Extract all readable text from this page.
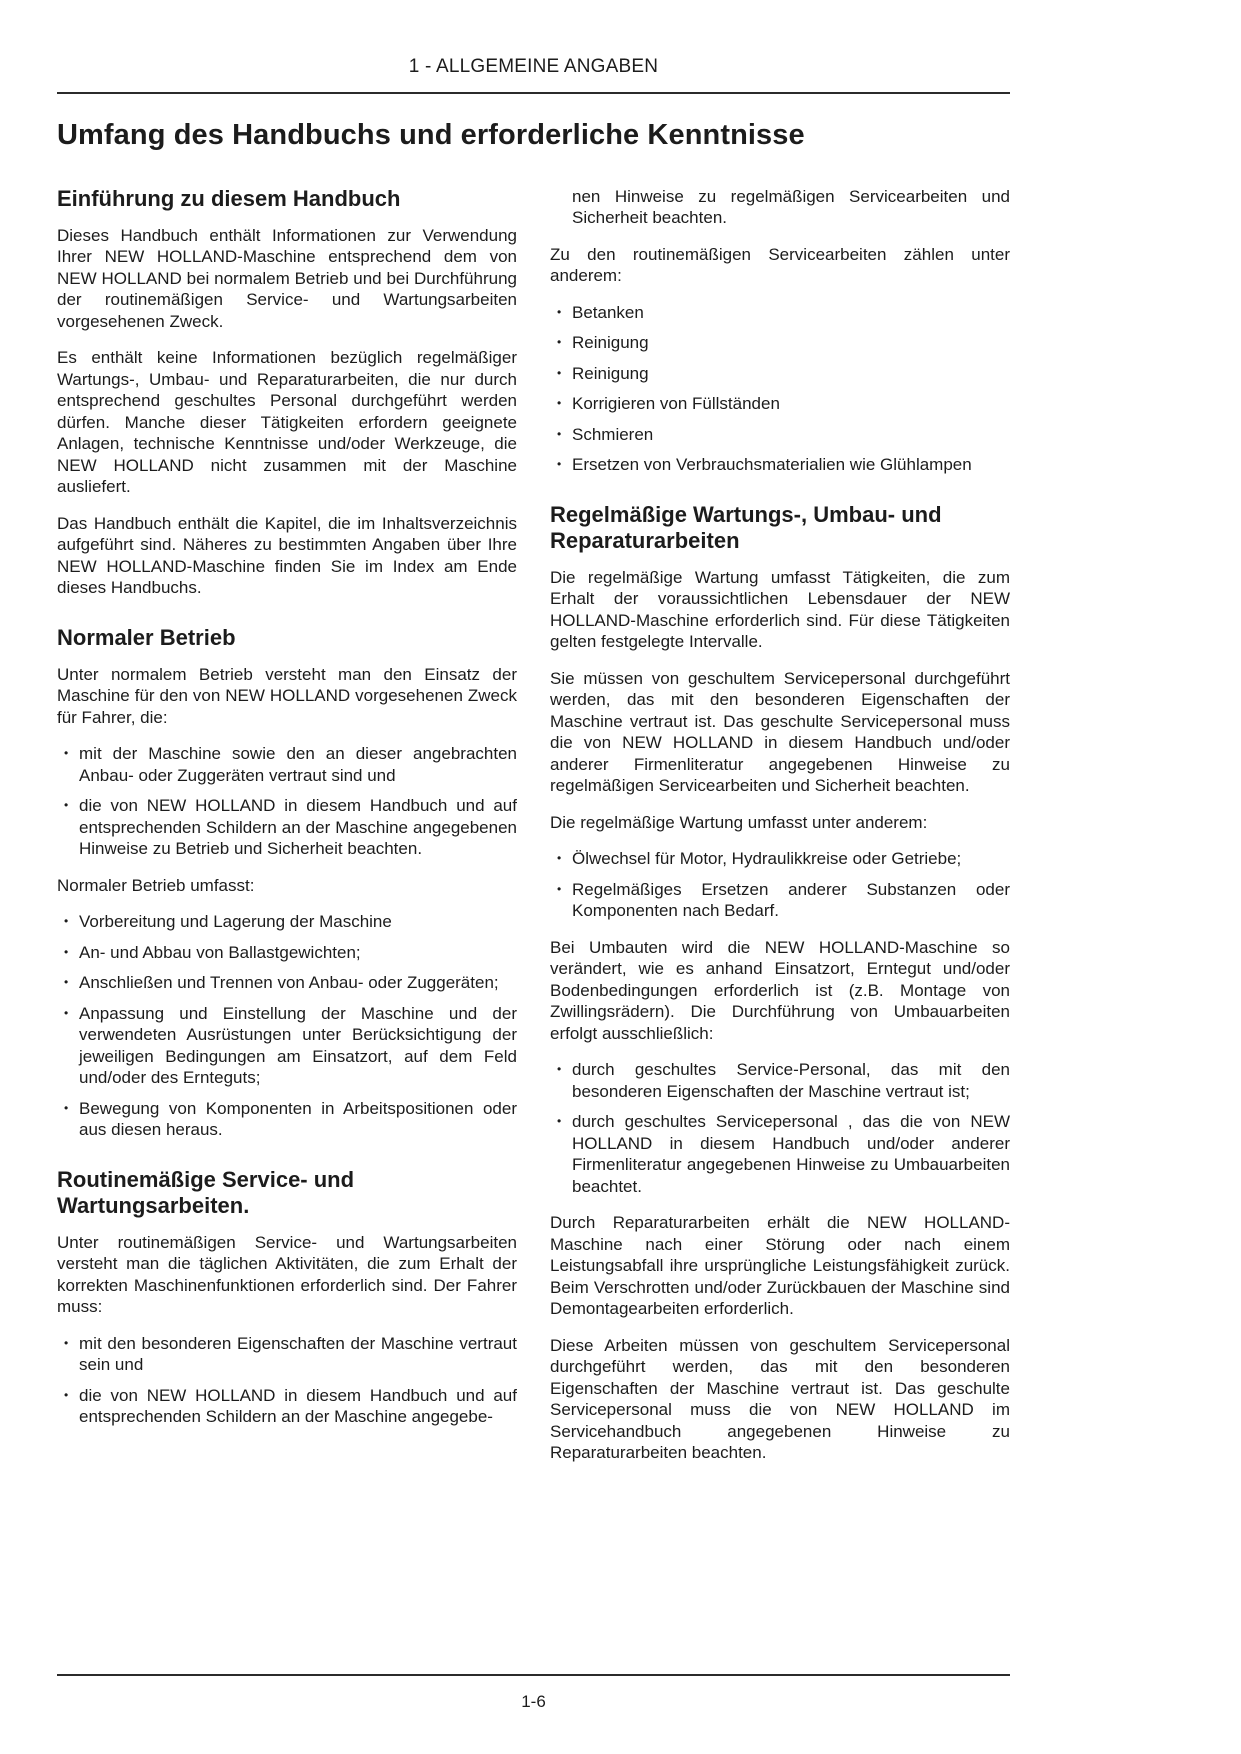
1 - ALLGEMEINE ANGABEN
Umfang des Handbuchs und erforderliche Kenntnisse
Einführung zu diesem Handbuch

Dieses Handbuch enthält Informationen zur Verwendung Ihrer NEW HOLLAND-Maschine entsprechend dem von NEW HOLLAND bei normalem Betrieb und bei Durchführung der routinemäßigen Service- und Wartungsarbeiten vorgesehenen Zweck.

Es enthält keine Informationen bezüglich regelmäßiger Wartungs-, Umbau- und Reparaturarbeiten, die nur durch entsprechend geschultes Personal durchgeführt werden dürfen. Manche dieser Tätigkeiten erfordern geeignete Anlagen, technische Kenntnisse und/oder Werkzeuge, die NEW HOLLAND nicht zusammen mit der Maschine ausliefert.

Das Handbuch enthält die Kapitel, die im Inhaltsverzeichnis aufgeführt sind. Näheres zu bestimmten Angaben über Ihre NEW HOLLAND-Maschine finden Sie im Index am Ende dieses Handbuchs.

Normaler Betrieb

Unter normalem Betrieb versteht man den Einsatz der Maschine für den von NEW HOLLAND vorgesehenen Zweck für Fahrer, die:

• mit der Maschine sowie den an dieser angebrachten Anbau- oder Zuggeräten vertraut sind und
• die von NEW HOLLAND in diesem Handbuch und auf entsprechenden Schildern an der Maschine angegebenen Hinweise zu Betrieb und Sicherheit beachten.

Normaler Betrieb umfasst:

• Vorbereitung und Lagerung der Maschine
• An- und Abbau von Ballastgewichten;
• Anschließen und Trennen von Anbau- oder Zuggeräten;
• Anpassung und Einstellung der Maschine und der verwendeten Ausrüstungen unter Berücksichtigung der jeweiligen Bedingungen am Einsatzort, auf dem Feld und/oder des Ernteguts;
• Bewegung von Komponenten in Arbeitspositionen oder aus diesen heraus.
Routinemäßige Service- und Wartungsarbeiten.

Unter routinemäßigen Service- und Wartungsarbeiten versteht man die täglichen Aktivitäten, die zum Erhalt der korrekten Maschinenfunktionen erforderlich sind. Der Fahrer muss:

• mit den besonderen Eigenschaften der Maschine vertraut sein und
• die von NEW HOLLAND in diesem Handbuch und auf entsprechenden Schildern an der Maschine angegebe-

nen Hinweise zu regelmäßigen Servicearbeiten und Sicherheit beachten.

Zu den routinemäßigen Servicearbeiten zählen unter anderem:

• Betanken
• Reinigung
• Reinigung
• Korrigieren von Füllständen
• Schmieren
• Ersetzen von Verbrauchsmaterialien wie Glühlampen
Regelmäßige Wartungs-, Umbau- und Reparaturarbeiten

Die regelmäßige Wartung umfasst Tätigkeiten, die zum Erhalt der voraussichtlichen Lebensdauer der NEW HOLLAND-Maschine erforderlich sind. Für diese Tätigkeiten gelten festgelegte Intervalle.

Sie müssen von geschultem Servicepersonal durchgeführt werden, das mit den besonderen Eigenschaften der Maschine vertraut ist. Das geschulte Servicepersonal muss die von NEW HOLLAND in diesem Handbuch und/oder anderer Firmenliteratur angegebenen Hinweise zu regelmäßigen Servicearbeiten und Sicherheit beachten.

Die regelmäßige Wartung umfasst unter anderem:

• Ölwechsel für Motor, Hydraulikkreise oder Getriebe;
• Regelmäßiges Ersetzen anderer Substanzen oder Komponenten nach Bedarf.

Bei Umbauten wird die NEW HOLLAND-Maschine so verändert, wie es anhand Einsatzort, Erntegut und/oder Bodenbedingungen erforderlich ist (z.B. Montage von Zwillingsrädern). Die Durchführung von Umbauarbeiten erfolgt ausschließlich:

• durch geschultes Service-Personal, das mit den besonderen Eigenschaften der Maschine vertraut ist;
• durch geschultes Servicepersonal , das die von NEW HOLLAND in diesem Handbuch und/oder anderer Firmenliteratur angegebenen Hinweise zu Umbauarbeiten beachtet.

Durch Reparaturarbeiten erhält die NEW HOLLAND-Maschine nach einer Störung oder nach einem Leistungsabfall ihre ursprüngliche Leistungsfähigkeit zurück. Beim Verschrotten und/oder Zurückbauen der Maschine sind Demontagearbeiten erforderlich.

Diese Arbeiten müssen von geschultem Servicepersonal durchgeführt werden, das mit den besonderen Eigenschaften der Maschine vertraut ist. Das geschulte Servicepersonal muss die von NEW HOLLAND im Servicehandbuch angegebenen Hinweise zu Reparaturarbeiten beachten.

1-6
